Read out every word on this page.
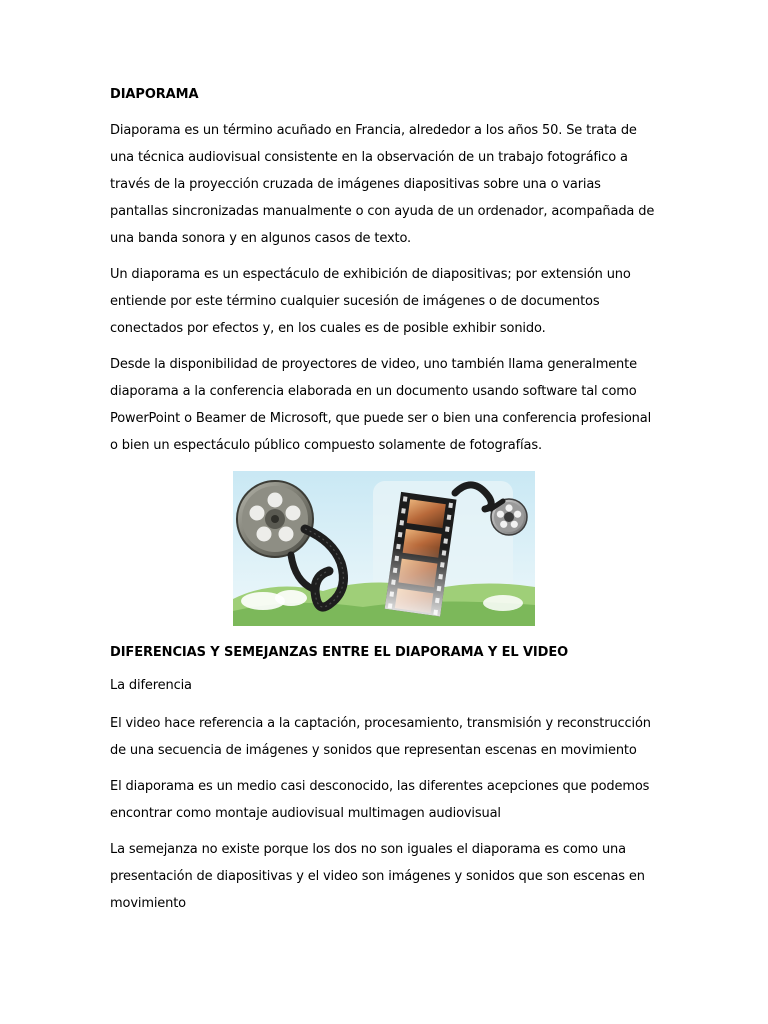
DIAPORAMA

Diaporama es un término acuñado en Francia, alrededor a los años 50. Se trata de una técnica audiovisual consistente en la observación de un trabajo fotográfico a través de la proyección cruzada de imágenes diapositivas sobre una o varias pantallas sincronizadas manualmente o con ayuda de un ordenador, acompañada de una banda sonora y en algunos casos de texto.

Un diaporama es un espectáculo de exhibición de diapositivas; por extensión uno entiende por este término cualquier sucesión de imágenes o de documentos conectados por efectos y, en los cuales es de posible exhibir sonido.

Desde la disponibilidad de proyectores de video, uno también llama generalmente diaporama a la conferencia elaborada en un documento usando software tal como PowerPoint o Beamer de Microsoft, que puede ser o bien una conferencia profesional o bien un espectáculo público compuesto solamente de fotografías.

DIFERENCIAS Y SEMEJANZAS ENTRE EL DIAPORAMA Y EL VIDEO

La diferencia

El video hace referencia a la captación, procesamiento, transmisión y reconstrucción de una secuencia de imágenes y sonidos que representan escenas en movimiento

El diaporama es un medio casi desconocido, las diferentes acepciones que podemos encontrar como montaje audiovisual multimagen audiovisual

La semejanza no existe porque los dos no son iguales el diaporama es como una presentación de diapositivas y el video son imágenes y sonidos que son escenas en movimiento
